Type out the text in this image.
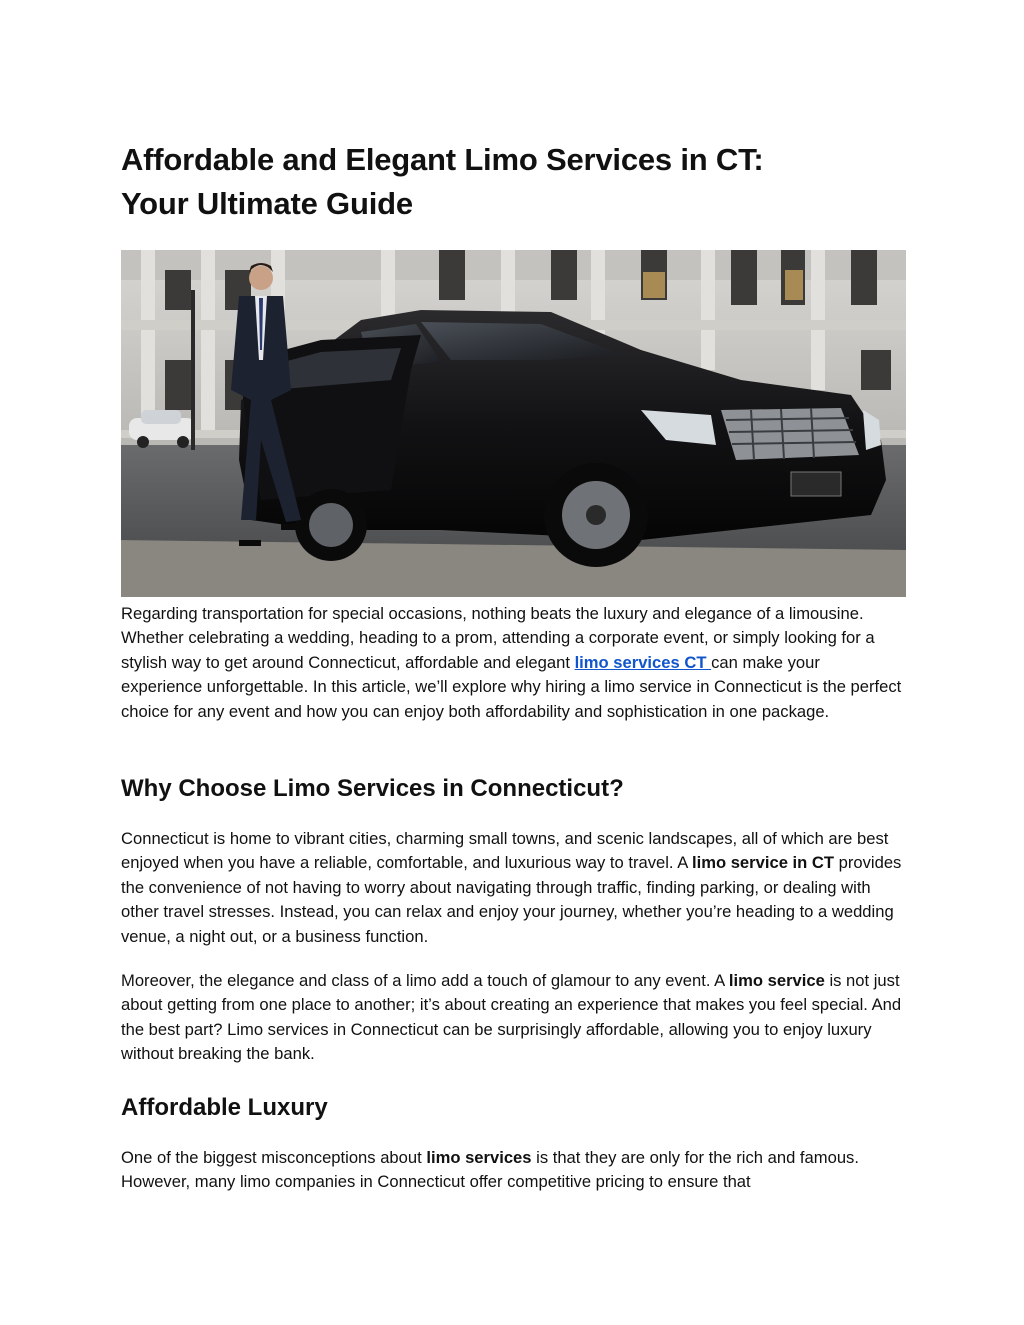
Affordable and Elegant Limo Services in CT:
Your Ultimate Guide

Regarding transportation for special occasions, nothing beats the luxury and elegance of a limousine. Whether celebrating a wedding, heading to a prom, attending a corporate event, or simply looking for a stylish way to get around Connecticut, affordable and elegant limo services CT can make your experience unforgettable. In this article, we’ll explore why hiring a limo service in Connecticut is the perfect choice for any event and how you can enjoy both affordability and sophistication in one package.

Why Choose Limo Services in Connecticut?

Connecticut is home to vibrant cities, charming small towns, and scenic landscapes, all of which are best enjoyed when you have a reliable, comfortable, and luxurious way to travel. A limo service in CT provides the convenience of not having to worry about navigating through traffic, finding parking, or dealing with other travel stresses. Instead, you can relax and enjoy your journey, whether you’re heading to a wedding venue, a night out, or a business function.

Moreover, the elegance and class of a limo add a touch of glamour to any event. A limo service is not just about getting from one place to another; it’s about creating an experience that makes you feel special. And the best part? Limo services in Connecticut can be surprisingly affordable, allowing you to enjoy luxury without breaking the bank.

Affordable Luxury

One of the biggest misconceptions about limo services is that they are only for the rich and famous. However, many limo companies in Connecticut offer competitive pricing to ensure that
